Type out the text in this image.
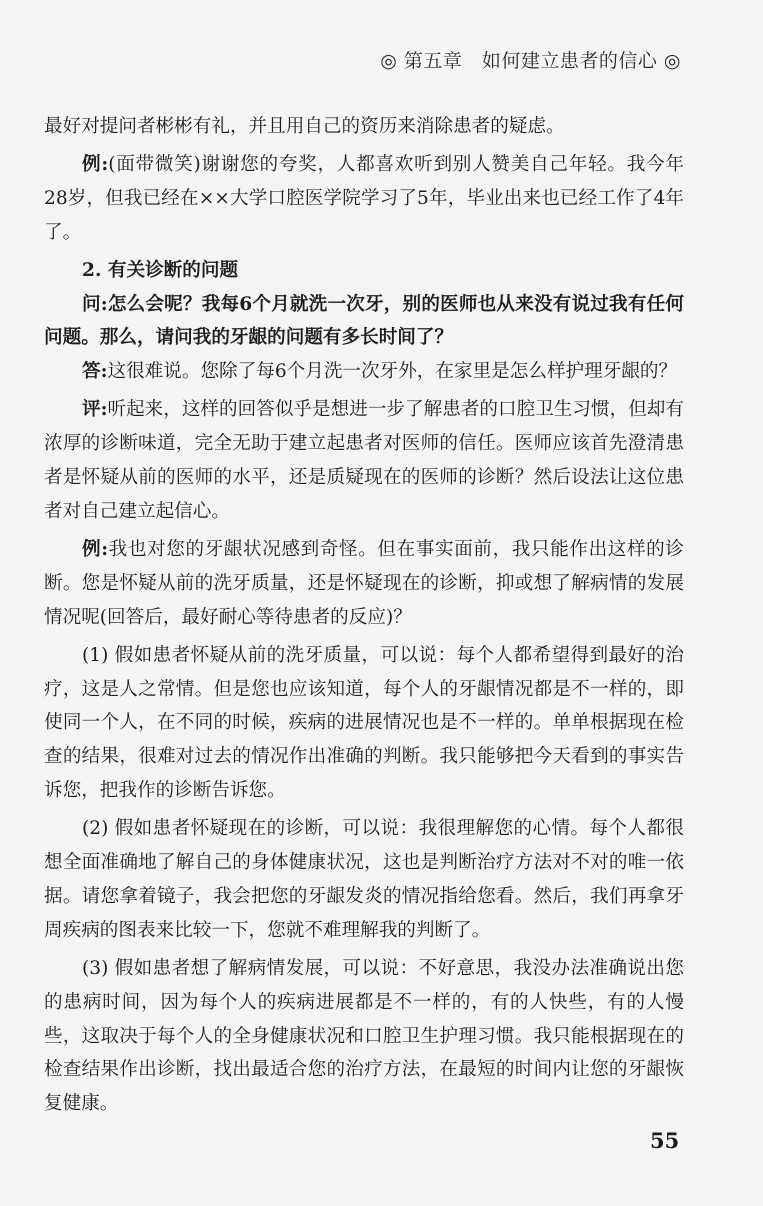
◎ 第五章　如何建立患者的信心 ◎

最好对提问者彬彬有礼，并且用自己的资历来消除患者的疑虑。

例:(面带微笑)谢谢您的夸奖，人都喜欢听到别人赞美自己年轻。我今年28岁，但我已经在××大学口腔医学院学习了5年，毕业出来也已经工作了4年了。

2. 有关诊断的问题

问:怎么会呢？我每6个月就洗一次牙，别的医师也从来没有说过我有任何问题。那么，请问我的牙龈的问题有多长时间了？

答:这很难说。您除了每6个月洗一次牙外，在家里是怎么样护理牙龈的？

评:听起来，这样的回答似乎是想进一步了解患者的口腔卫生习惯，但却有浓厚的诊断味道，完全无助于建立起患者对医师的信任。医师应该首先澄清患者是怀疑从前的医师的水平，还是质疑现在的医师的诊断？然后设法让这位患者对自己建立起信心。

例:我也对您的牙龈状况感到奇怪。但在事实面前，我只能作出这样的诊断。您是怀疑从前的洗牙质量，还是怀疑现在的诊断，抑或想了解病情的发展情况呢(回答后，最好耐心等待患者的反应)？

(1) 假如患者怀疑从前的洗牙质量，可以说：每个人都希望得到最好的治疗，这是人之常情。但是您也应该知道，每个人的牙龈情况都是不一样的，即使同一个人，在不同的时候，疾病的进展情况也是不一样的。单单根据现在检查的结果，很难对过去的情况作出准确的判断。我只能够把今天看到的事实告诉您，把我作的诊断告诉您。

(2) 假如患者怀疑现在的诊断，可以说：我很理解您的心情。每个人都很想全面准确地了解自己的身体健康状况，这也是判断治疗方法对不对的唯一依据。请您拿着镜子，我会把您的牙龈发炎的情况指给您看。然后，我们再拿牙周疾病的图表来比较一下，您就不难理解我的判断了。

(3) 假如患者想了解病情发展，可以说：不好意思，我没办法准确说出您的患病时间，因为每个人的疾病进展都是不一样的，有的人快些，有的人慢些，这取决于每个人的全身健康状况和口腔卫生护理习惯。我只能根据现在的检查结果作出诊断，找出最适合您的治疗方法，在最短的时间内让您的牙龈恢复健康。

55
